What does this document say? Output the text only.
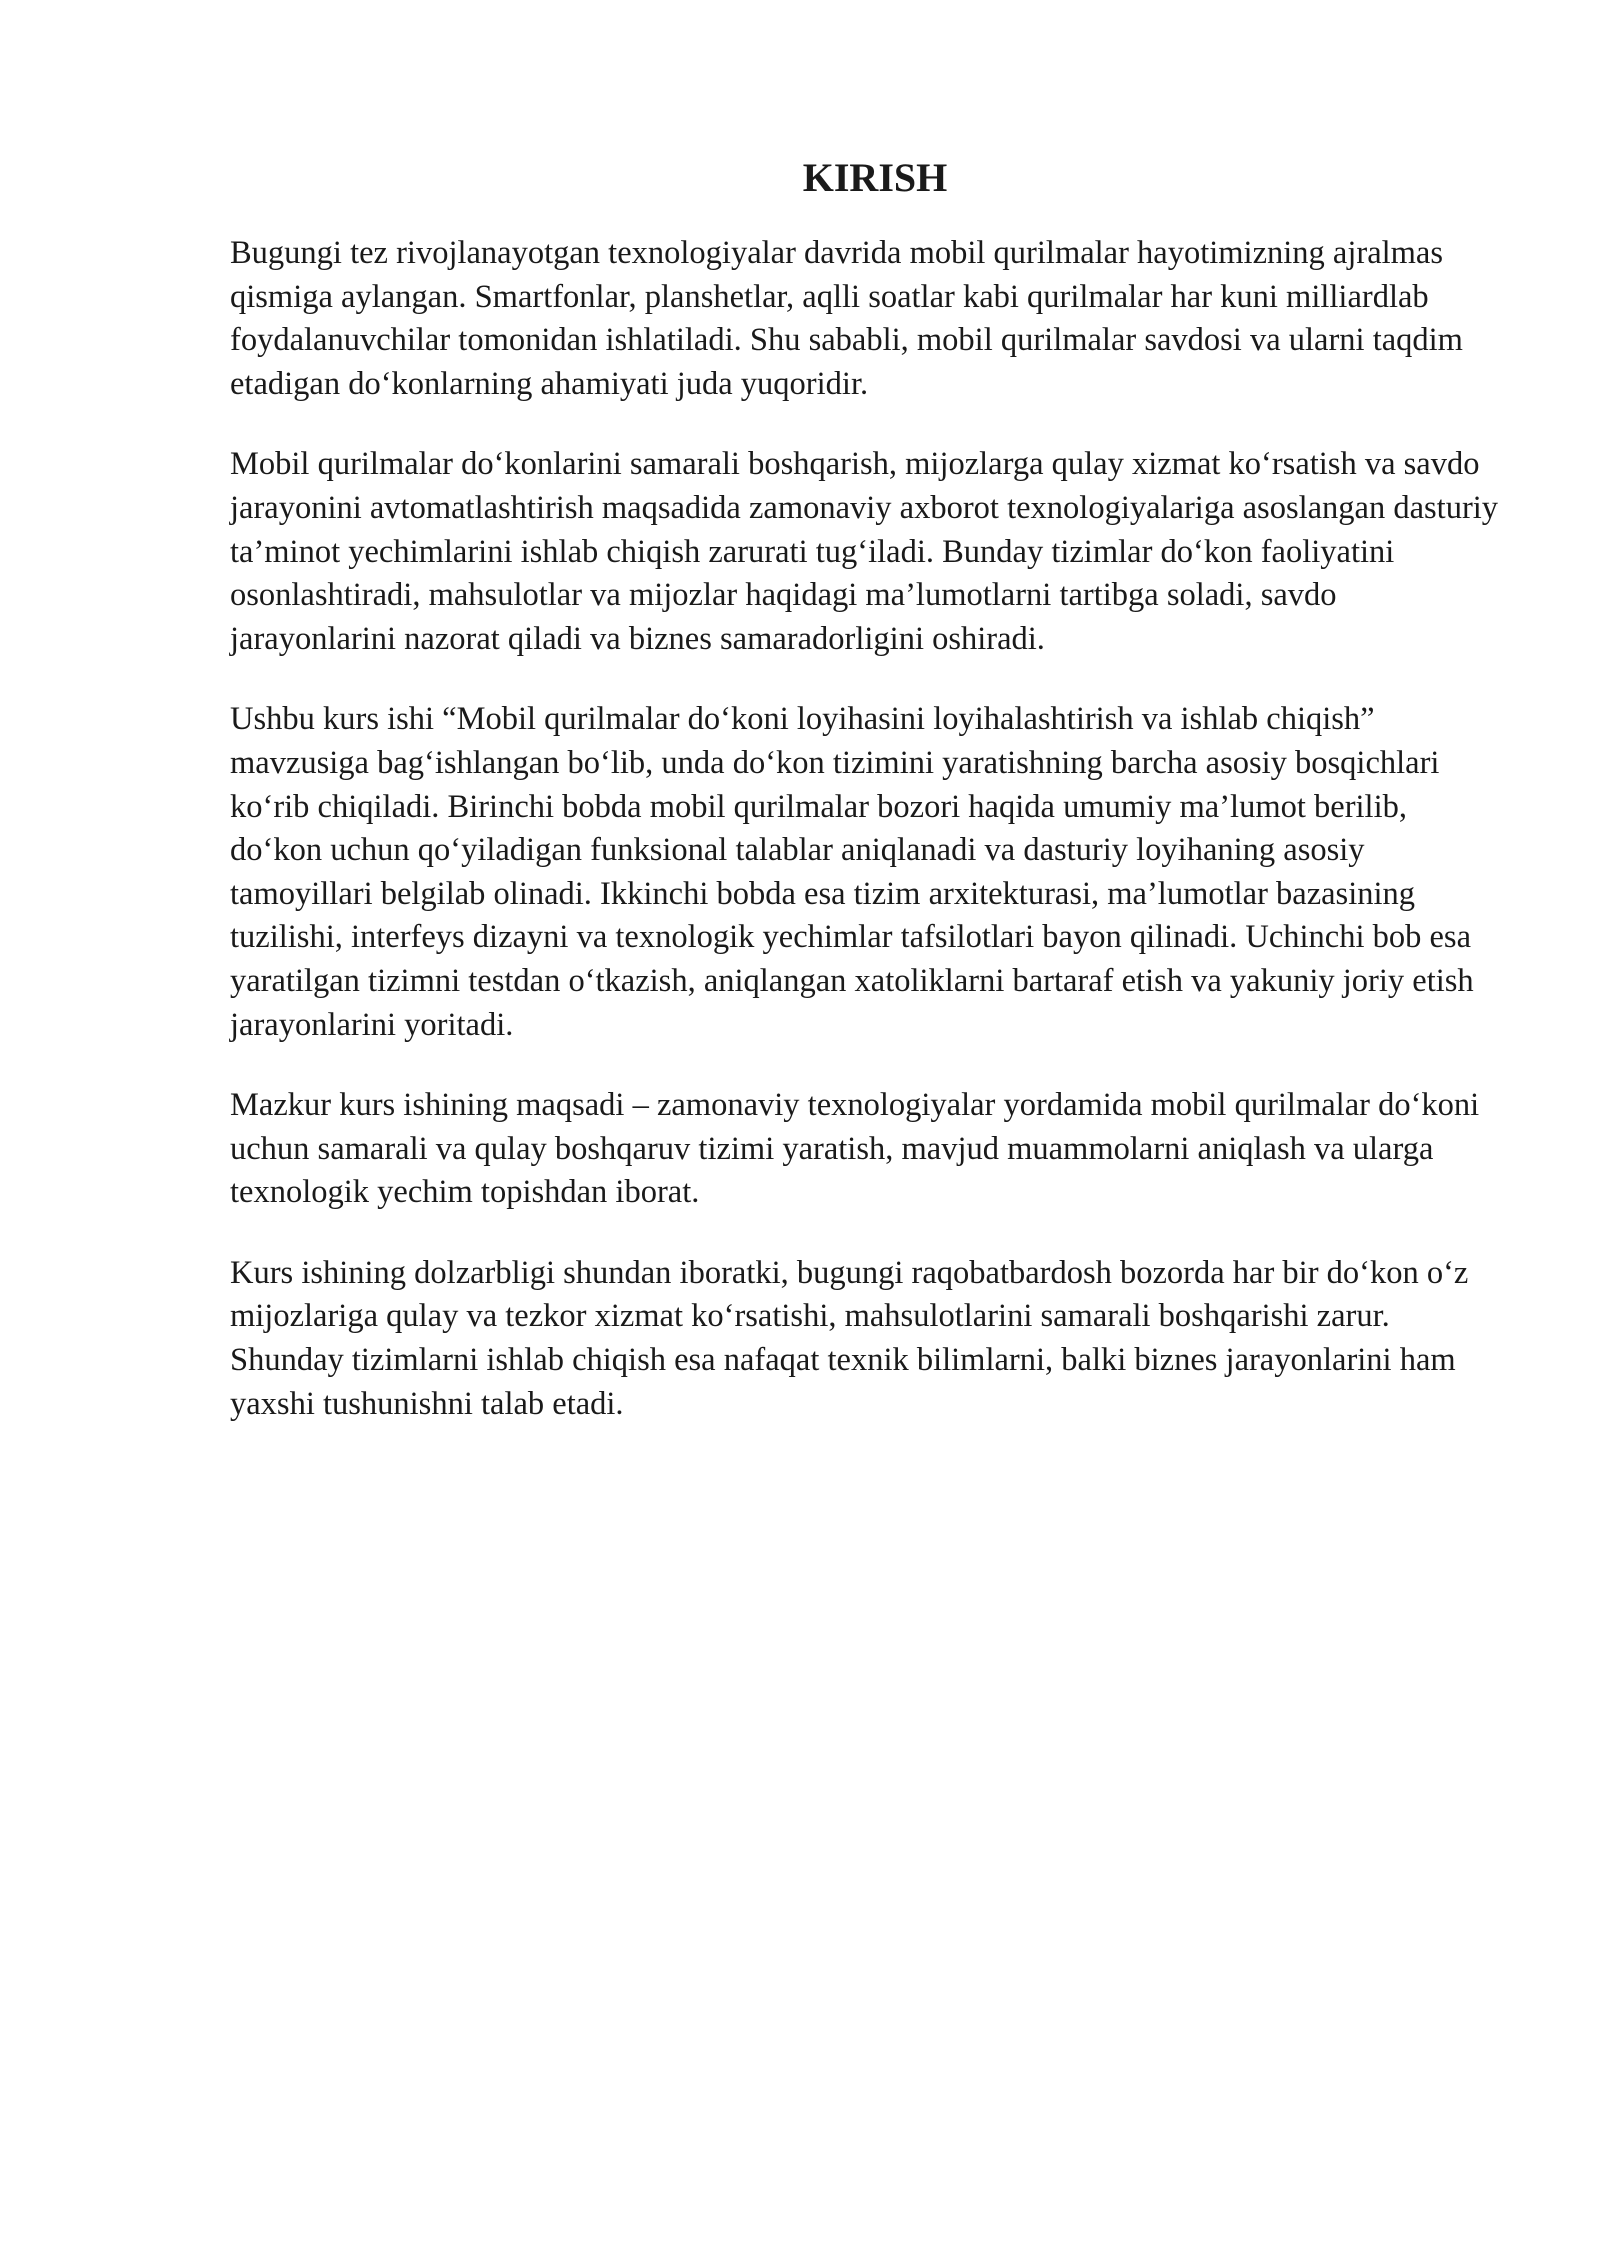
KIRISH

Bugungi tez rivojlanayotgan texnologiyalar davrida mobil qurilmalar hayotimizning ajralmas qismiga aylangan. Smartfonlar, planshetlar, aqlli soatlar kabi qurilmalar har kuni milliardlab foydalanuvchilar tomonidan ishlatiladi. Shu sababli, mobil qurilmalar savdosi va ularni taqdim etadigan do‘konlarning ahamiyati juda yuqoridir.

Mobil qurilmalar do‘konlarini samarali boshqarish, mijozlarga qulay xizmat ko‘rsatish va savdo jarayonini avtomatlashtirish maqsadida zamonaviy axborot texnologiyalariga asoslangan dasturiy ta’minot yechimlarini ishlab chiqish zarurati tug‘iladi. Bunday tizimlar do‘kon faoliyatini osonlashtiradi, mahsulotlar va mijozlar haqidagi ma’lumotlarni tartibga soladi, savdo jarayonlarini nazorat qiladi va biznes samaradorligini oshiradi.

Ushbu kurs ishi “Mobil qurilmalar do‘koni loyihasini loyihalashtirish va ishlab chiqish” mavzusiga bag‘ishlangan bo‘lib, unda do‘kon tizimini yaratishning barcha asosiy bosqichlari ko‘rib chiqiladi. Birinchi bobda mobil qurilmalar bozori haqida umumiy ma’lumot berilib, do‘kon uchun qo‘yiladigan funksional talablar aniqlanadi va dasturiy loyihaning asosiy tamoyillari belgilab olinadi. Ikkinchi bobda esa tizim arxitekturasi, ma’lumotlar bazasining tuzilishi, interfeys dizayni va texnologik yechimlar tafsilotlari bayon qilinadi. Uchinchi bob esa yaratilgan tizimni testdan o‘tkazish, aniqlangan xatoliklarni bartaraf etish va yakuniy joriy etish jarayonlarini yoritadi.

Mazkur kurs ishining maqsadi – zamonaviy texnologiyalar yordamida mobil qurilmalar do‘koni uchun samarali va qulay boshqaruv tizimi yaratish, mavjud muammolarni aniqlash va ularga texnologik yechim topishdan iborat.

Kurs ishining dolzarbligi shundan iboratki, bugungi raqobatbardosh bozorda har bir do‘kon o‘z mijozlariga qulay va tezkor xizmat ko‘rsatishi, mahsulotlarini samarali boshqarishi zarur. Shunday tizimlarni ishlab chiqish esa nafaqat texnik bilimlarni, balki biznes jarayonlarini ham yaxshi tushunishni talab etadi.
